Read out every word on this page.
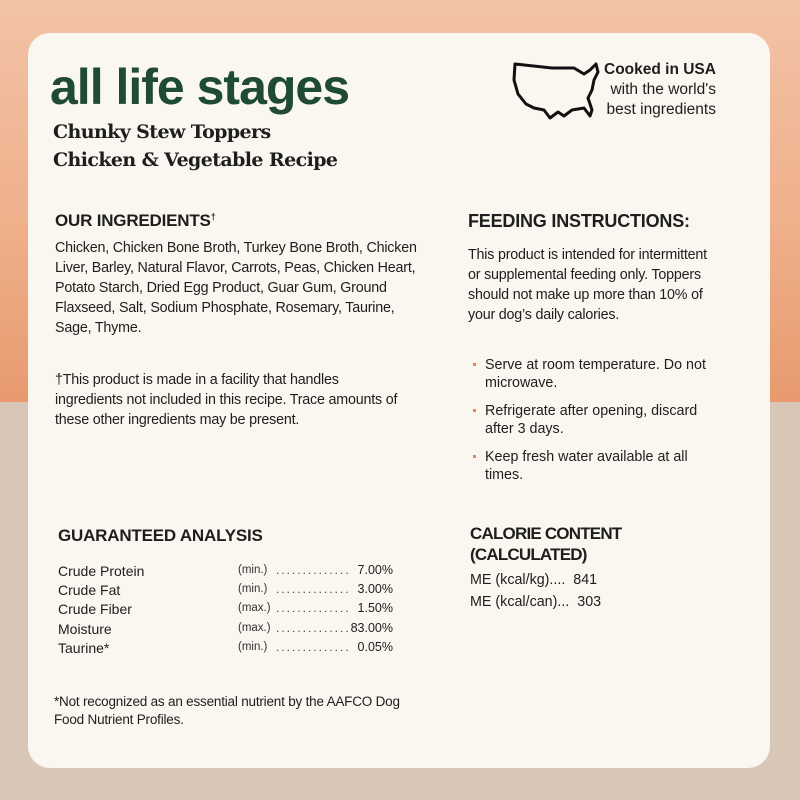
all life stages
Chunky Stew Toppers
Chicken & Vegetable Recipe
Cooked in USA
with the world's
best ingredients
OUR INGREDIENTS†
Chicken, Chicken Bone Broth, Turkey Bone Broth, Chicken Liver, Barley, Natural Flavor, Carrots, Peas, Chicken Heart, Potato Starch, Dried Egg Product, Guar Gum, Ground Flaxseed, Salt, Sodium Phosphate, Rosemary, Taurine, Sage, Thyme.
†This product is made in a facility that handles ingredients not included in this recipe. Trace amounts of these other ingredients may be present.
FEEDING INSTRUCTIONS:
This product is intended for intermittent or supplemental feeding only. Toppers should not make up more than 10% of your dog’s daily calories.
Serve at room temperature. Do not microwave.
Refrigerate after opening, discard after 3 days.
Keep fresh water available at all times.
GUARANTEED ANALYSIS
Crude Protein	(min.) .............. 7.00%
Crude Fat	(min.) .............. 3.00%
Crude Fiber	(max.) .............. 1.50%
Moisture	(max.) .............. 83.00%
Taurine*	(min.) .............. 0.05%
*Not recognized as an essential nutrient by the AAFCO Dog Food Nutrient Profiles.
CALORIE CONTENT
(CALCULATED)
ME (kcal/kg).... 841
ME (kcal/can)... 303
